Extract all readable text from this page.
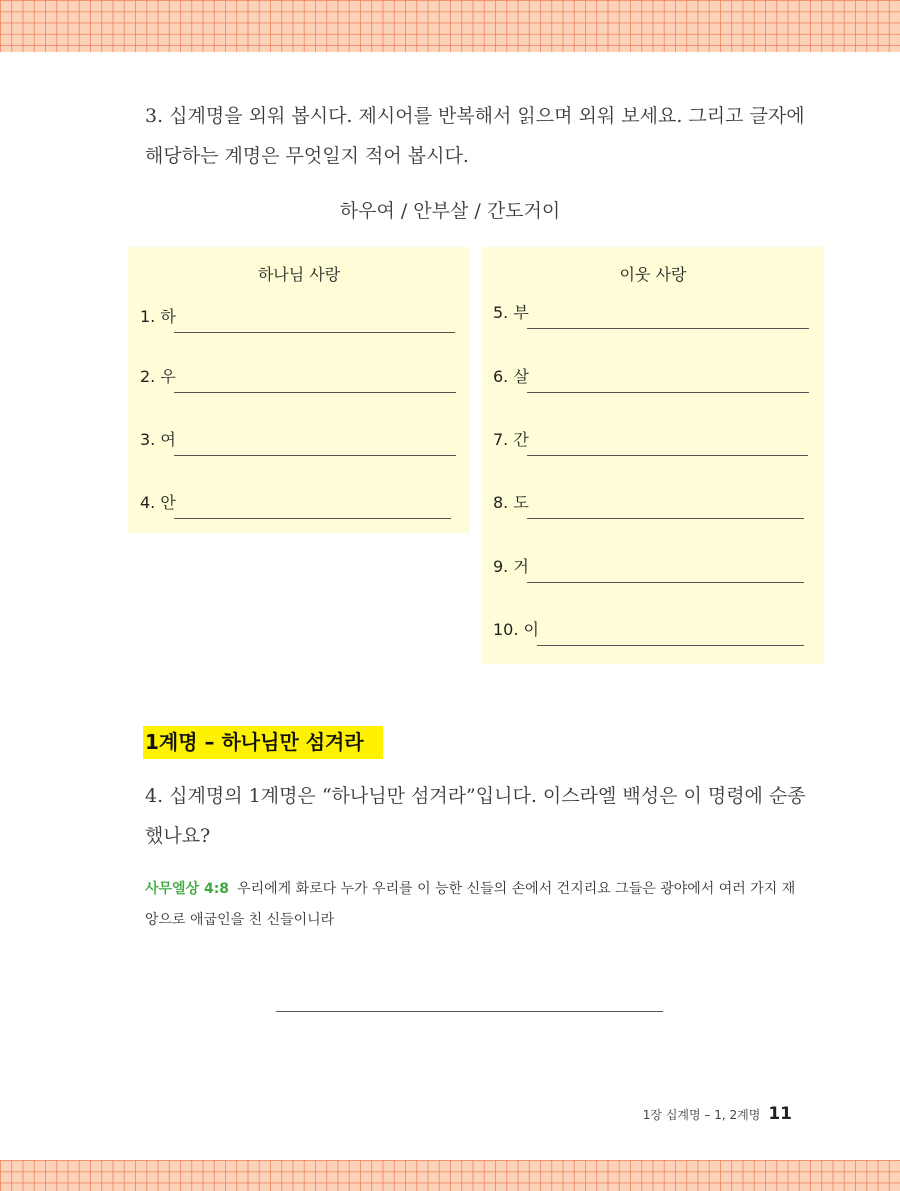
3. 십계명을 외워 봅시다. 제시어를 반복해서 읽으며 외워 보세요. 그리고 글자에 해당하는 계명은 무엇일지 적어 봅시다.
하우여 / 안부살 / 간도거이
하나님 사랑	이웃 사랑
1. 하
2. 우
3. 여
4. 안
5. 부
6. 살
7. 간
8. 도
9. 거
10. 이
1계명 – 하나님만 섬겨라
4. 십계명의 1계명은 “하나님만 섬겨라”입니다. 이스라엘 백성은 이 명령에 순종했나요?
사무엘상 4:8 우리에게 화로다 누가 우리를 이 능한 신들의 손에서 건지리요 그들은 광야에서 여러 가지 재앙으로 애굽인을 친 신들이니라
1장 십계명 – 1, 2계명 11
